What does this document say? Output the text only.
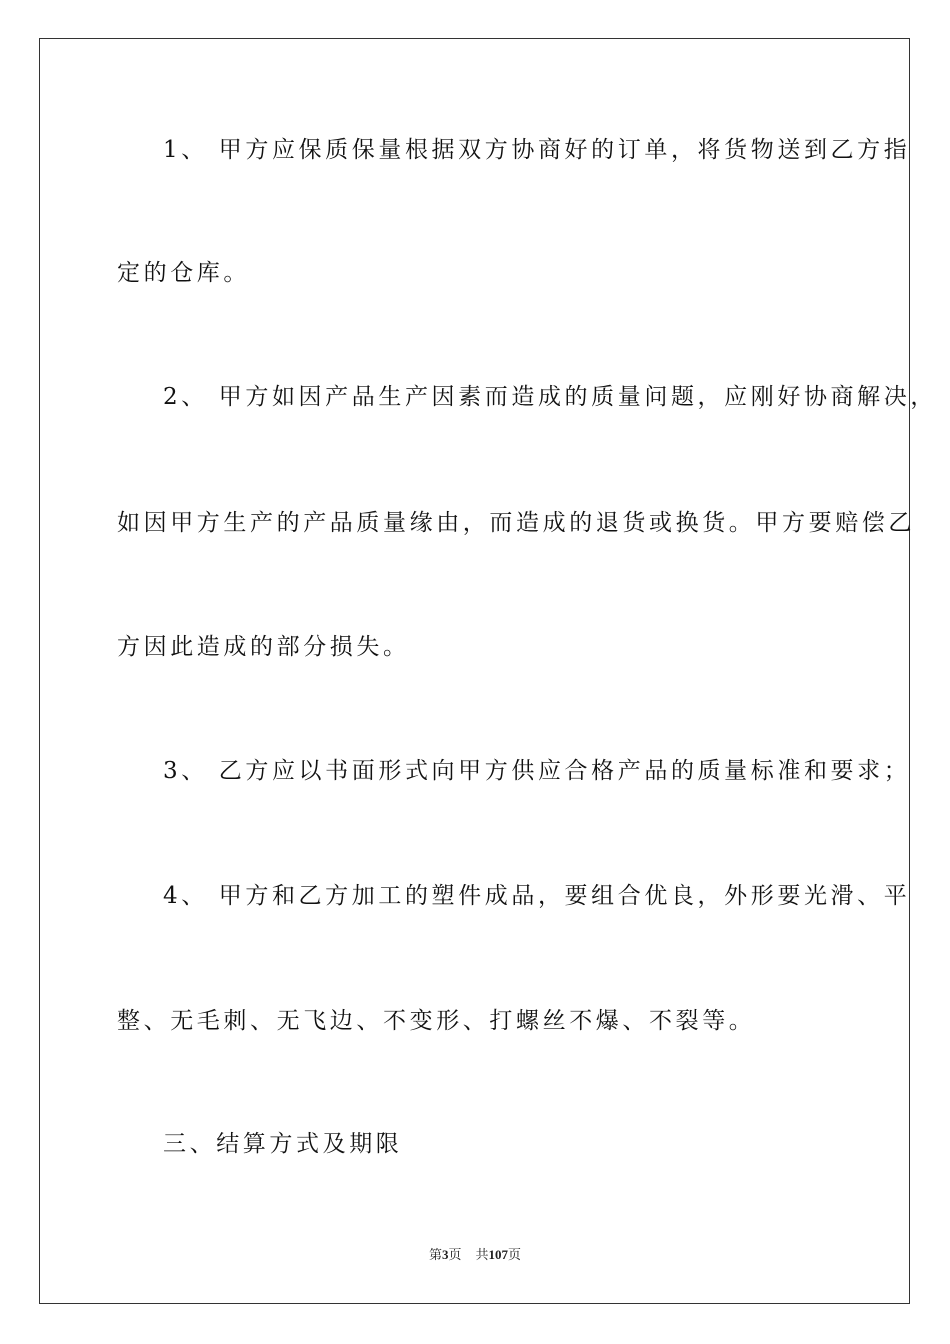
1、 甲方应保质保量根据双方协商好的订单，将货物送到乙方指
定的仓库。
2、 甲方如因产品生产因素而造成的质量问题，应刚好协商解决，
如因甲方生产的产品质量缘由，而造成的退货或换货。甲方要赔偿乙
方因此造成的部分损失。
3、 乙方应以书面形式向甲方供应合格产品的质量标准和要求；
4、 甲方和乙方加工的塑件成品，要组合优良，外形要光滑、平
整、无毛刺、无飞边、不变形、打螺丝不爆、不裂等。
三、结算方式及期限
第3页 共107页
